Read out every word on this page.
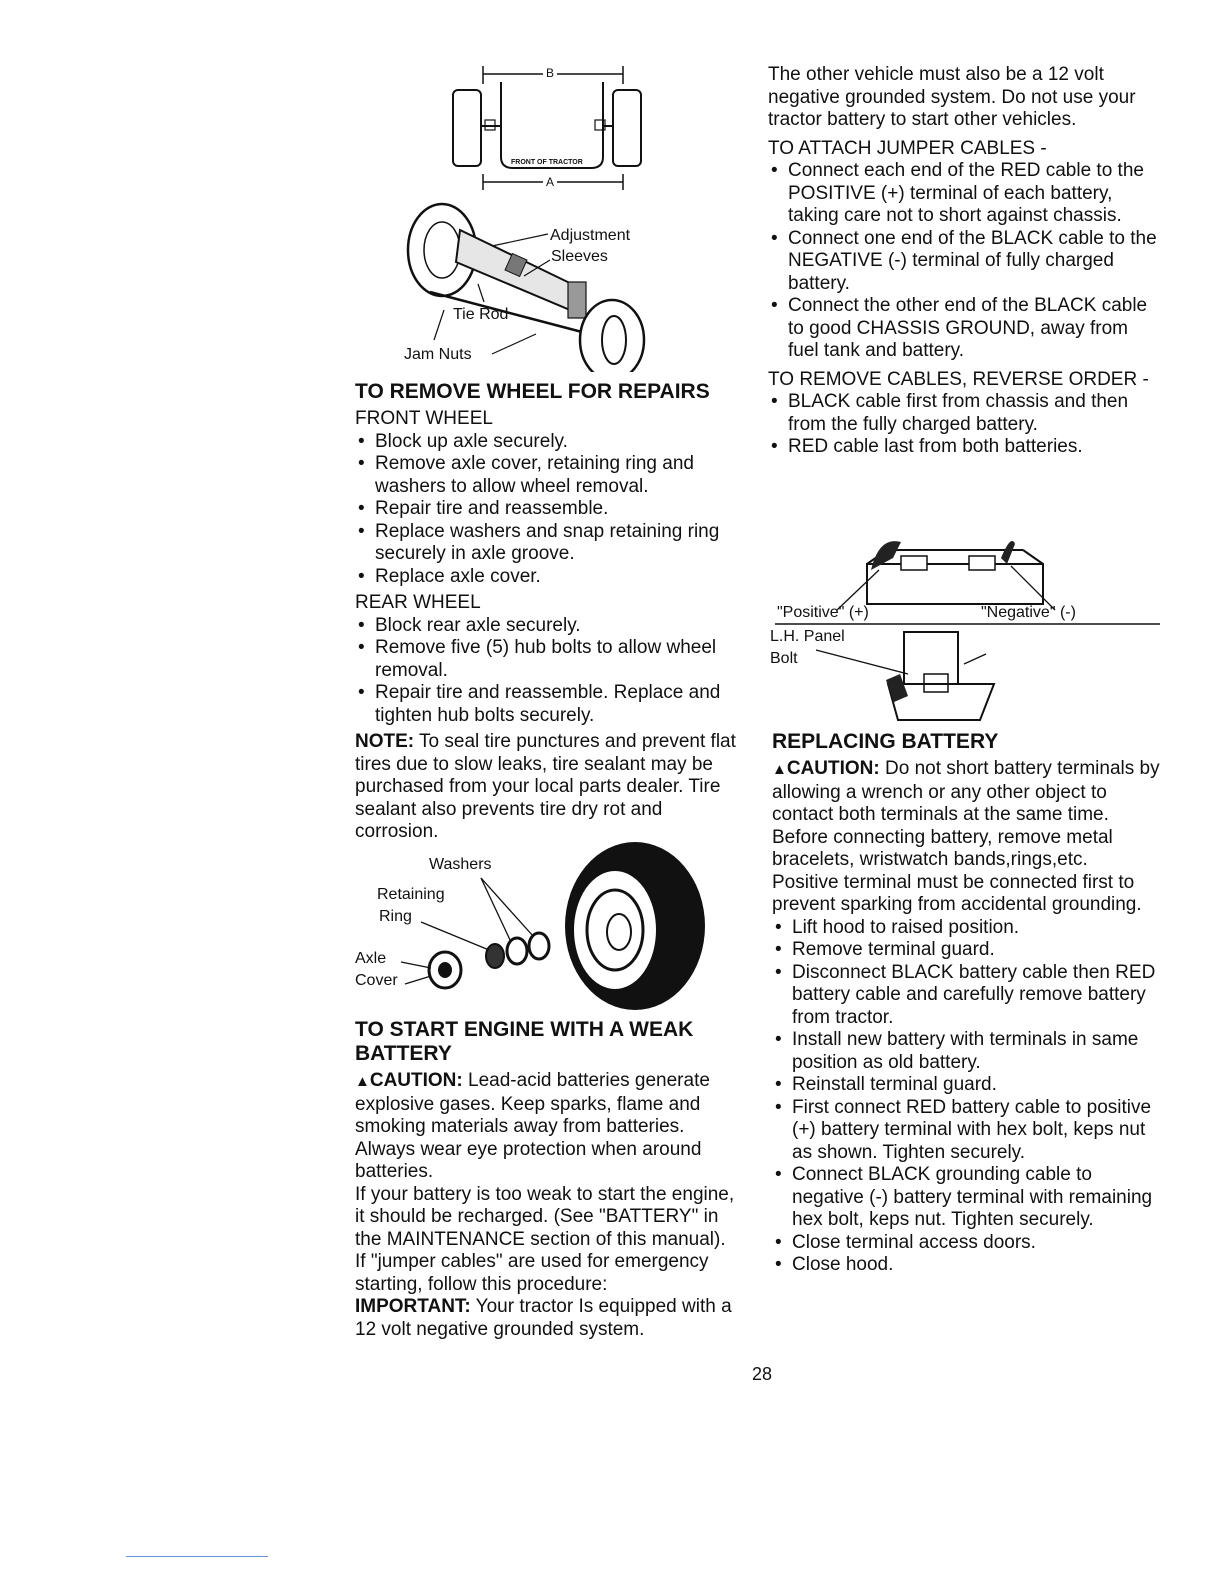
B
FRONT OF TRACTOR
A
Adjustment
Sleeves
Tie Rod
Jam Nuts
TO REMOVE WHEEL FOR REPAIRS

FRONT WHEEL

• Block up axle securely.
• Remove axle cover, retaining ring and washers to allow wheel removal.
• Repair tire and reassemble.
• Replace washers and snap retaining ring securely in axle groove.
• Replace axle cover.

REAR WHEEL

• Block rear axle securely.
• Remove five (5) hub bolts to allow wheel removal.
• Repair tire and reassemble. Replace and tighten hub bolts securely.

NOTE: To seal tire punctures and prevent flat tires due to slow leaks, tire sealant may be purchased from your local parts dealer. Tire sealant also prevents tire dry rot and corrosion.

Washers
Retaining
Ring
Axle
Cover
TO START ENGINE WITH A WEAK BATTERY

▲CAUTION: Lead-acid batteries generate explosive gases. Keep sparks, flame and smoking materials away from batteries. Always wear eye protection when around batteries.

If your battery is too weak to start the engine, it should be recharged. (See "BATTERY" in the MAINTENANCE section of this manual).

If "jumper cables" are used for emergency starting, follow this procedure:

IMPORTANT: Your tractor Is equipped with a 12 volt negative grounded system.

The other vehicle must also be a 12 volt negative grounded system. Do not use your tractor battery to start other vehicles.

TO ATTACH JUMPER CABLES -

• Connect each end of the RED cable to the POSITIVE (+) terminal of each battery, taking care not to short against chassis.
• Connect one end of the BLACK cable to the NEGATIVE (-) terminal of fully charged battery.
• Connect the other end of the BLACK cable to good CHASSIS GROUND, away from fuel tank and battery.

TO REMOVE CABLES, REVERSE ORDER -

• BLACK cable first from chassis and then from the fully charged battery.
• RED cable last from both batteries.
"Positive" (+)	"Negative" (-)
L.H. Panel
Bolt
REPLACING BATTERY

▲CAUTION: Do not short battery terminals by allowing a wrench or any other object to contact both terminals at the same time. Before connecting battery, remove metal bracelets, wristwatch bands,rings,etc.

Positive terminal must be connected first to prevent sparking from accidental grounding.

• Lift hood to raised position.
• Remove terminal guard.
• Disconnect BLACK battery cable then RED battery cable and carefully remove battery from tractor.
• Install new battery with terminals in same position as old battery.
• Reinstall terminal guard.
• First connect RED battery cable to positive (+) battery terminal with hex bolt, keps nut as shown. Tighten securely.
• Connect BLACK grounding cable to negative (-) battery terminal with remaining hex bolt, keps nut. Tighten securely.
• Close terminal access doors.
• Close hood.
28
